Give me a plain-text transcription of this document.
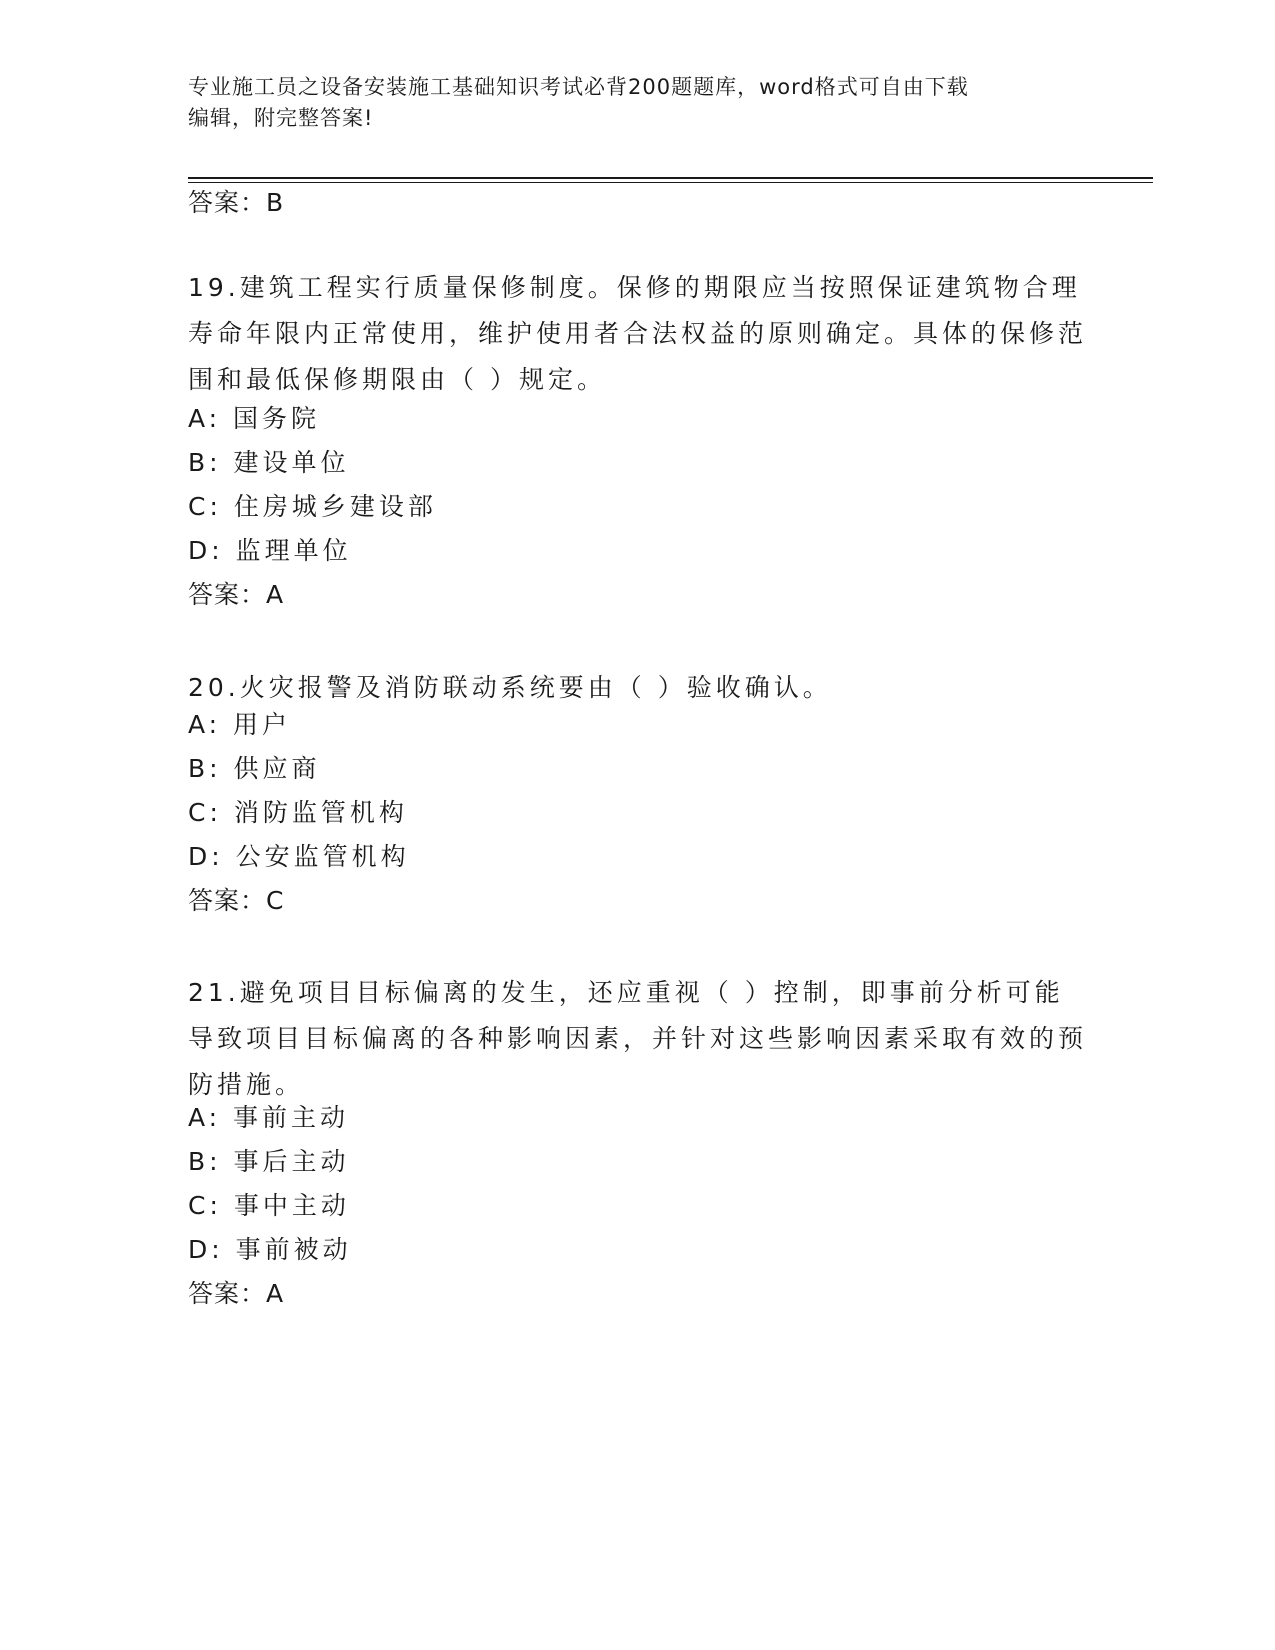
专业施工员之设备安装施工基础知识考试必背200题题库，word格式可自由下载
编辑，附完整答案!
答案：B
19.建筑工程实行质量保修制度。保修的期限应当按照保证建筑物合理寿命年限内正常使用，维护使用者合法权益的原则确定。具体的保修范围和最低保修期限由（ ）规定。
A: 国务院
B: 建设单位
C: 住房城乡建设部
D: 监理单位
答案：A
20.火灾报警及消防联动系统要由（ ）验收确认。
A: 用户
B: 供应商
C: 消防监管机构
D: 公安监管机构
答案：C
21.避免项目目标偏离的发生，还应重视（ ）控制，即事前分析可能导致项目目标偏离的各种影响因素，并针对这些影响因素采取有效的预防措施。
A: 事前主动
B: 事后主动
C: 事中主动
D: 事前被动
答案：A
